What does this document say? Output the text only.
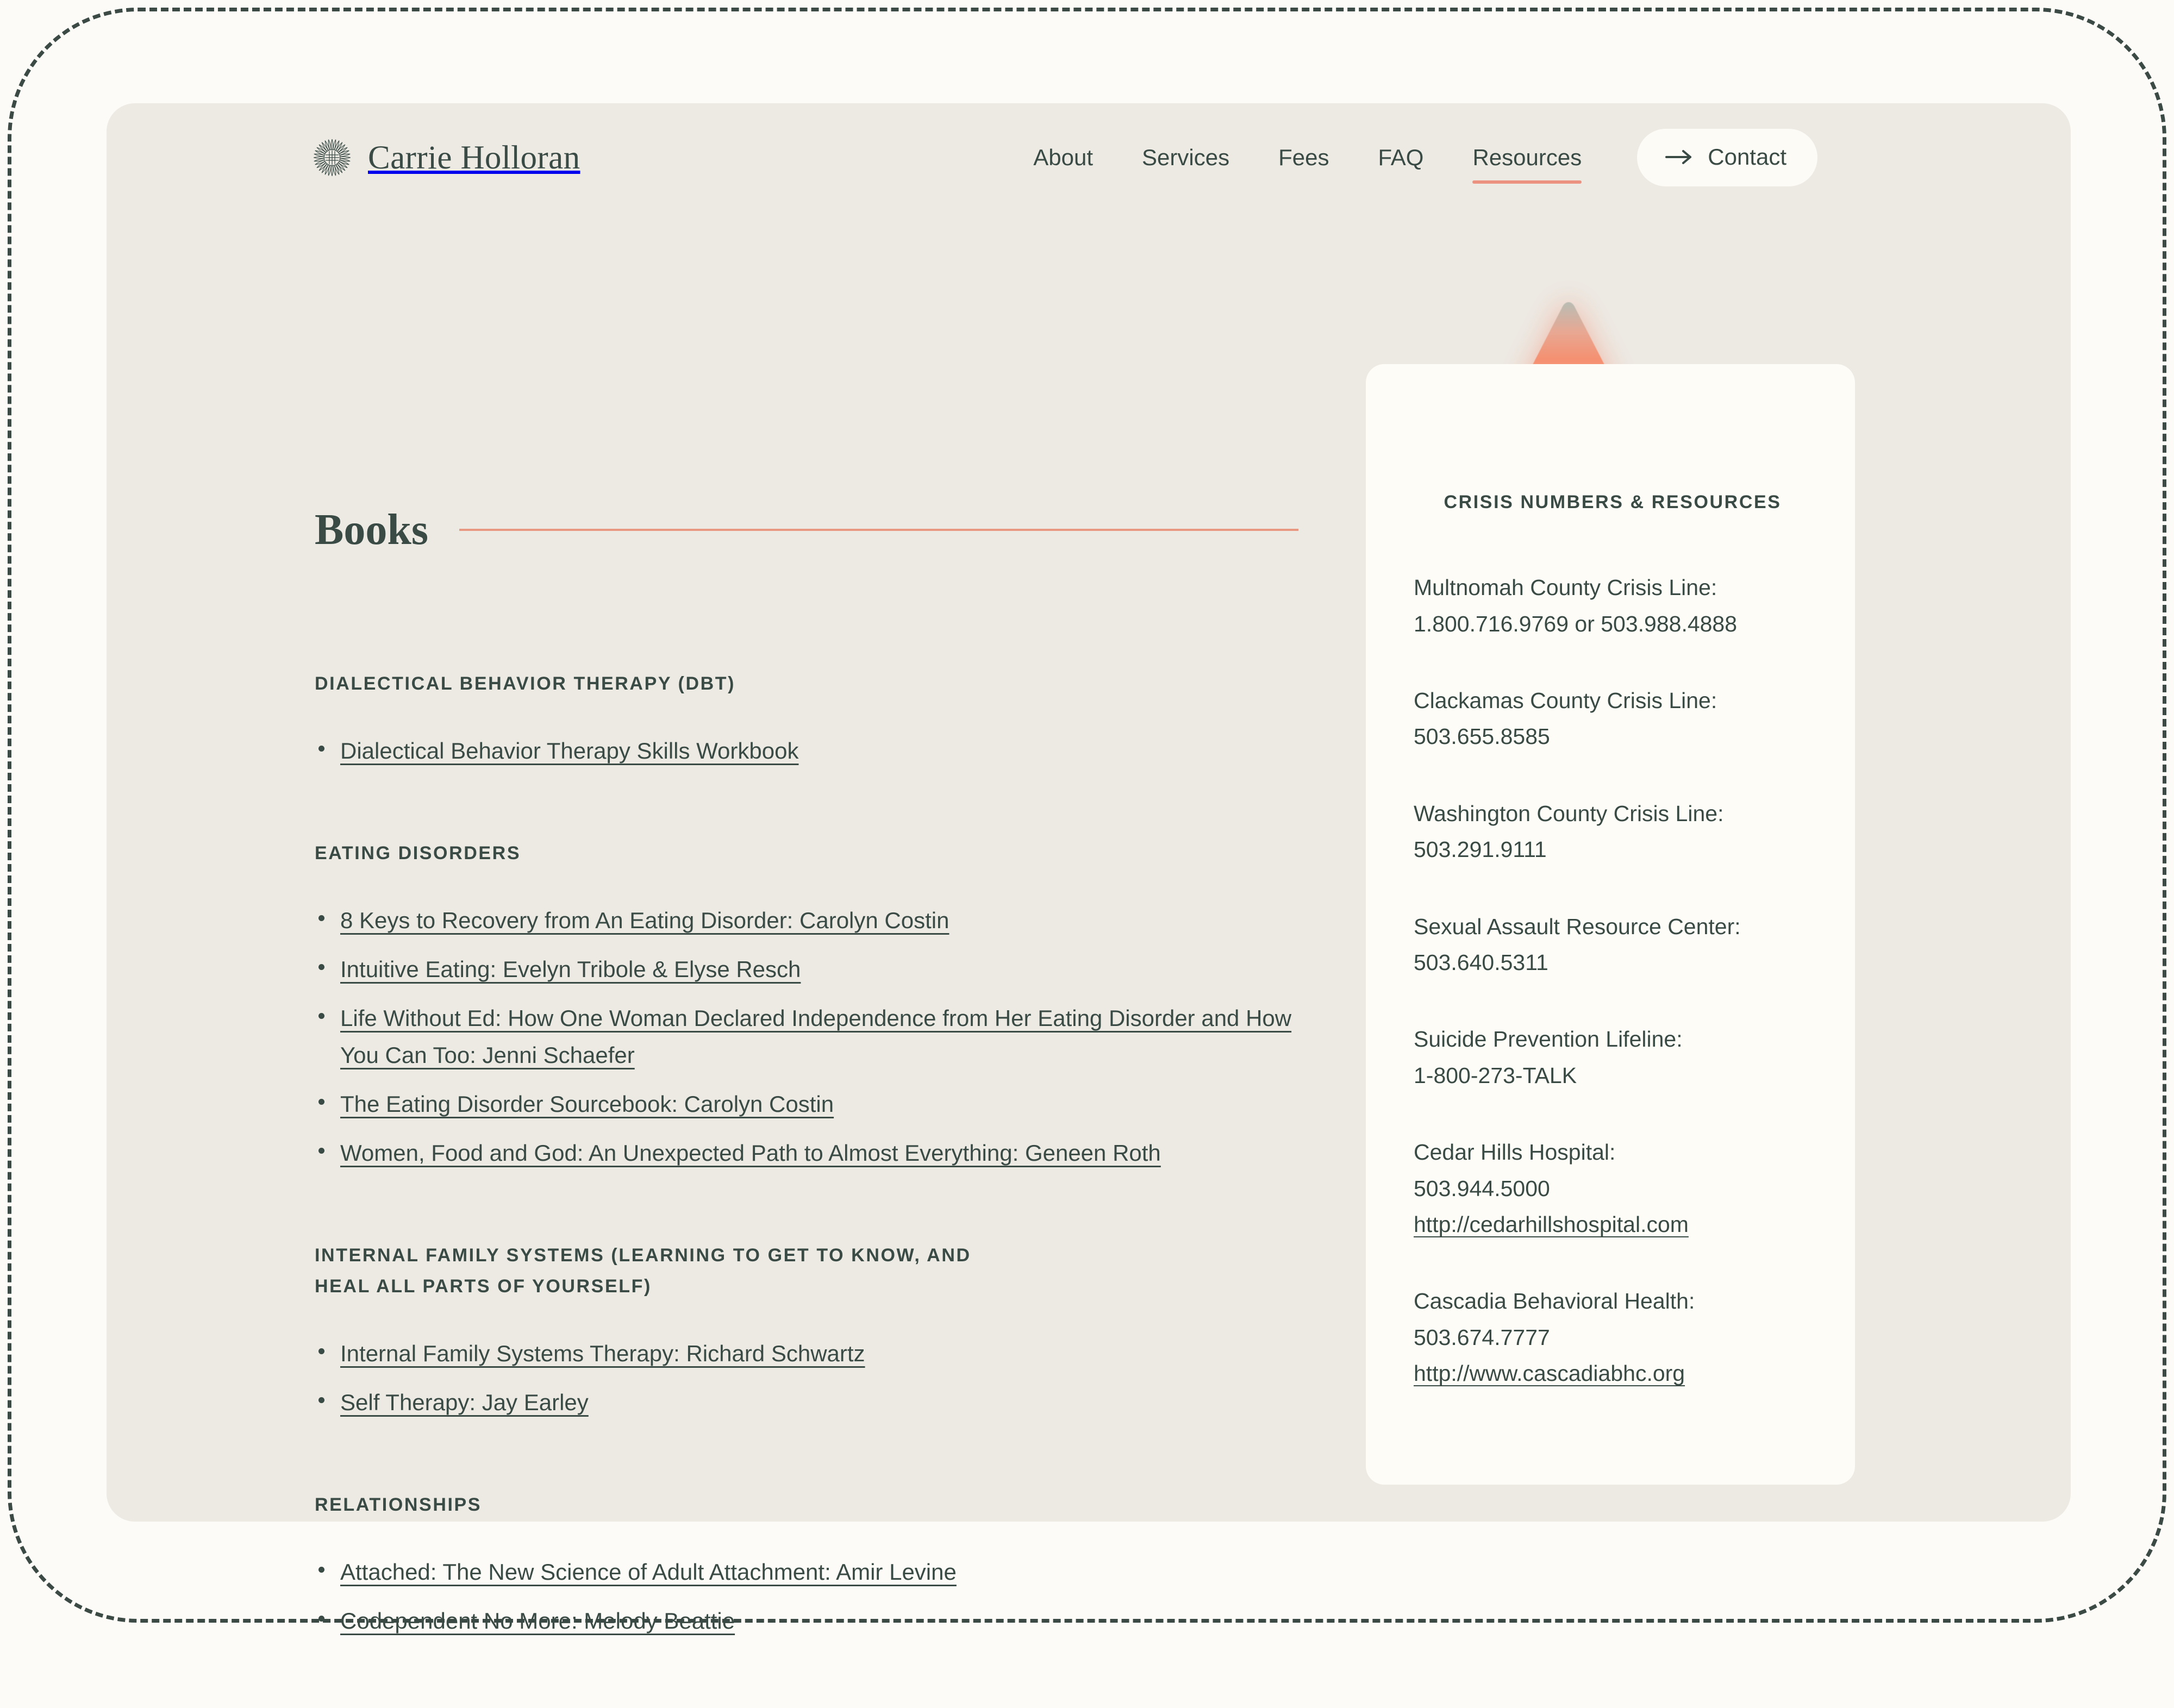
Carrie Holloran	About	Services	Fees	FAQ	Resources	Contact
Books
DIALECTICAL BEHAVIOR THERAPY (DBT)
Dialectical Behavior Therapy Skills Workbook
EATING DISORDERS
8 Keys to Recovery from An Eating Disorder: Carolyn Costin
Intuitive Eating: Evelyn Tribole & Elyse Resch
Life Without Ed: How One Woman Declared Independence from Her Eating Disorder and How You Can Too: Jenni Schaefer
The Eating Disorder Sourcebook: Carolyn Costin
Women, Food and God: An Unexpected Path to Almost Everything: Geneen Roth
INTERNAL FAMILY SYSTEMS (LEARNING TO GET TO KNOW, AND HEAL ALL PARTS OF YOURSELF)
Internal Family Systems Therapy: Richard Schwartz
Self Therapy: Jay Earley
RELATIONSHIPS
Attached: The New Science of Adult Attachment: Amir Levine
Codependent No More: Melody Beattie
CRISIS NUMBERS & RESOURCES
Multnomah County Crisis Line:
1.800.716.9769 or 503.988.4888
Clackamas County Crisis Line:
503.655.8585
Washington County Crisis Line:
503.291.9111
Sexual Assault Resource Center:
503.640.5311
Suicide Prevention Lifeline:
1-800-273-TALK
Cedar Hills Hospital:
503.944.5000
http://cedarhillshospital.com
Cascadia Behavioral Health:
503.674.7777
http://www.cascadiabhc.org
